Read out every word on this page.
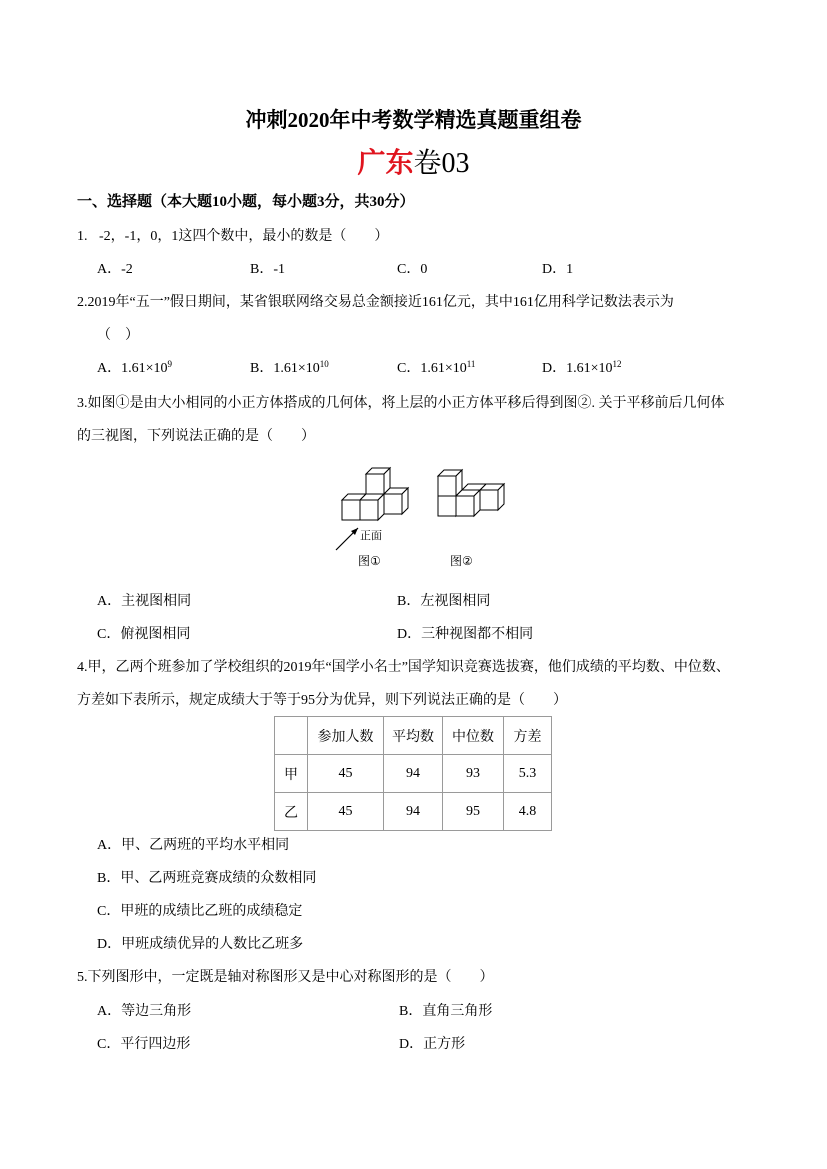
冲刺2020年中考数学精选真题重组卷
广东卷03
一、选择题（本大题10小题，每小题3分，共30分）
1. -2，-1，0，1这四个数中，最小的数是（　　）
A．-2	B．-1	C．0	D．1
2.2019年“五一”假日期间，某省银联网络交易总金额接近161亿元，其中161亿用科学记数法表示为
（　）
A．$1.61\times 10^9$	B．$1.61\times 10^{10}$	C．$1.61\times 10^{11}$	D．$1.61\times 10^{12}$
3.如图①是由大小相同的小正方体搭成的几何体，将上层的小正方体平移后得到图②. 关于平移前后几何体
的三视图，下列说法正确的是（　　）
正面
图①	图②
A．主视图相同	B．左视图相同
C．俯视图相同	D．三种视图都不相同
4.甲，乙两个班参加了学校组织的2019年“国学小名士”国学知识竞赛选拔赛，他们成绩的平均数、中位数、
方差如下表所示，规定成绩大于等于95分为优异，则下列说法正确的是（　　）
	参加人数	平均数	中位数	方差
甲	45	94	93	5.3
乙	45	94	95	4.8
A．甲、乙两班的平均水平相同
B．甲、乙两班竞赛成绩的众数相同
C．甲班的成绩比乙班的成绩稳定
D．甲班成绩优异的人数比乙班多
5.下列图形中，一定既是轴对称图形又是中心对称图形的是（　　）
A．等边三角形	B．直角三角形
C．平行四边形	D．正方形
